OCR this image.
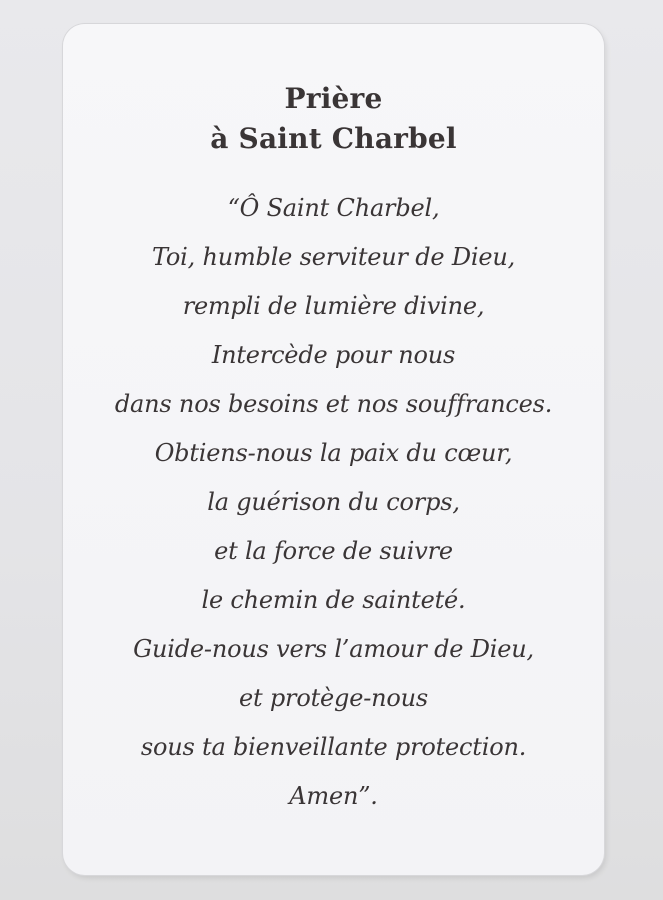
Prière
à Saint Charbel
“Ô Saint Charbel,
Toi, humble serviteur de Dieu,
rempli de lumière divine,
Intercède pour nous
dans nos besoins et nos souffrances.
Obtiens-nous la paix du cœur,
la guérison du corps,
et la force de suivre
le chemin de sainteté.
Guide-nous vers l’amour de Dieu,
et protège-nous
sous ta bienveillante protection.
Amen”.
